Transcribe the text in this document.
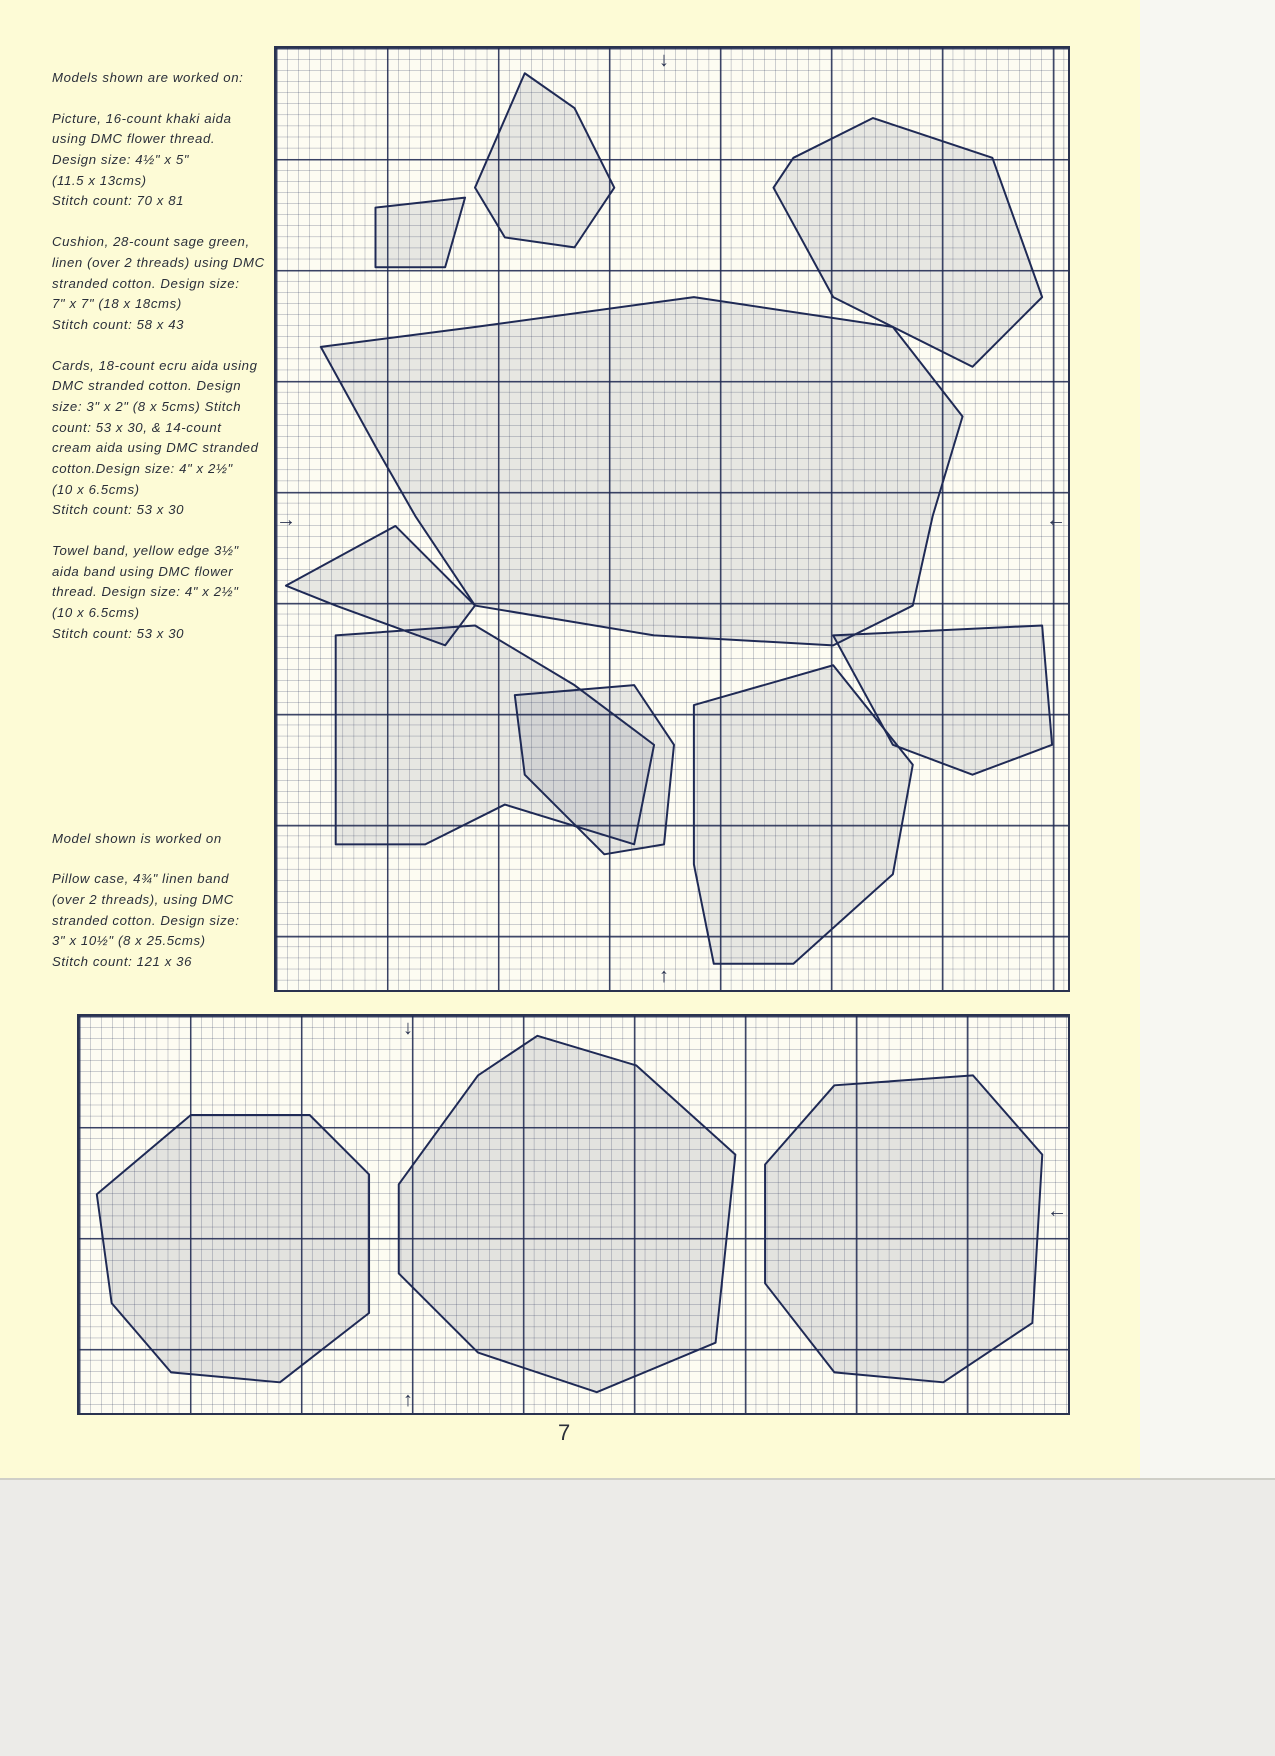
Models shown are worked on:
Picture, 16-count khaki aida
using DMC flower thread.
Design size: 4½" x 5"
(11.5 x 13cms)
Stitch count: 70 x 81
Cushion, 28-count sage green,
linen (over 2 threads) using DMC
stranded cotton. Design size:
7" x 7" (18 x 18cms)
Stitch count: 58 x 43
Cards, 18-count ecru aida using
DMC stranded cotton. Design
size: 3" x 2" (8 x 5cms) Stitch
count: 53 x 30, & 14-count
cream aida using DMC stranded
cotton.Design size: 4" x 2½"
(10 x 6.5cms)
Stitch count: 53 x 30
Towel band, yellow edge 3½"
aida band using DMC flower
thread. Design size: 4" x 2½"
(10 x 6.5cms)
Stitch count: 53 x 30
Model shown is worked on
Pillow case, 4¾" linen band
(over 2 threads), using DMC
stranded cotton. Design size:
3" x 10½" (8 x 25.5cms)
Stitch count: 121 x 36
↓
↑
→	←
↓
↑
←
7
